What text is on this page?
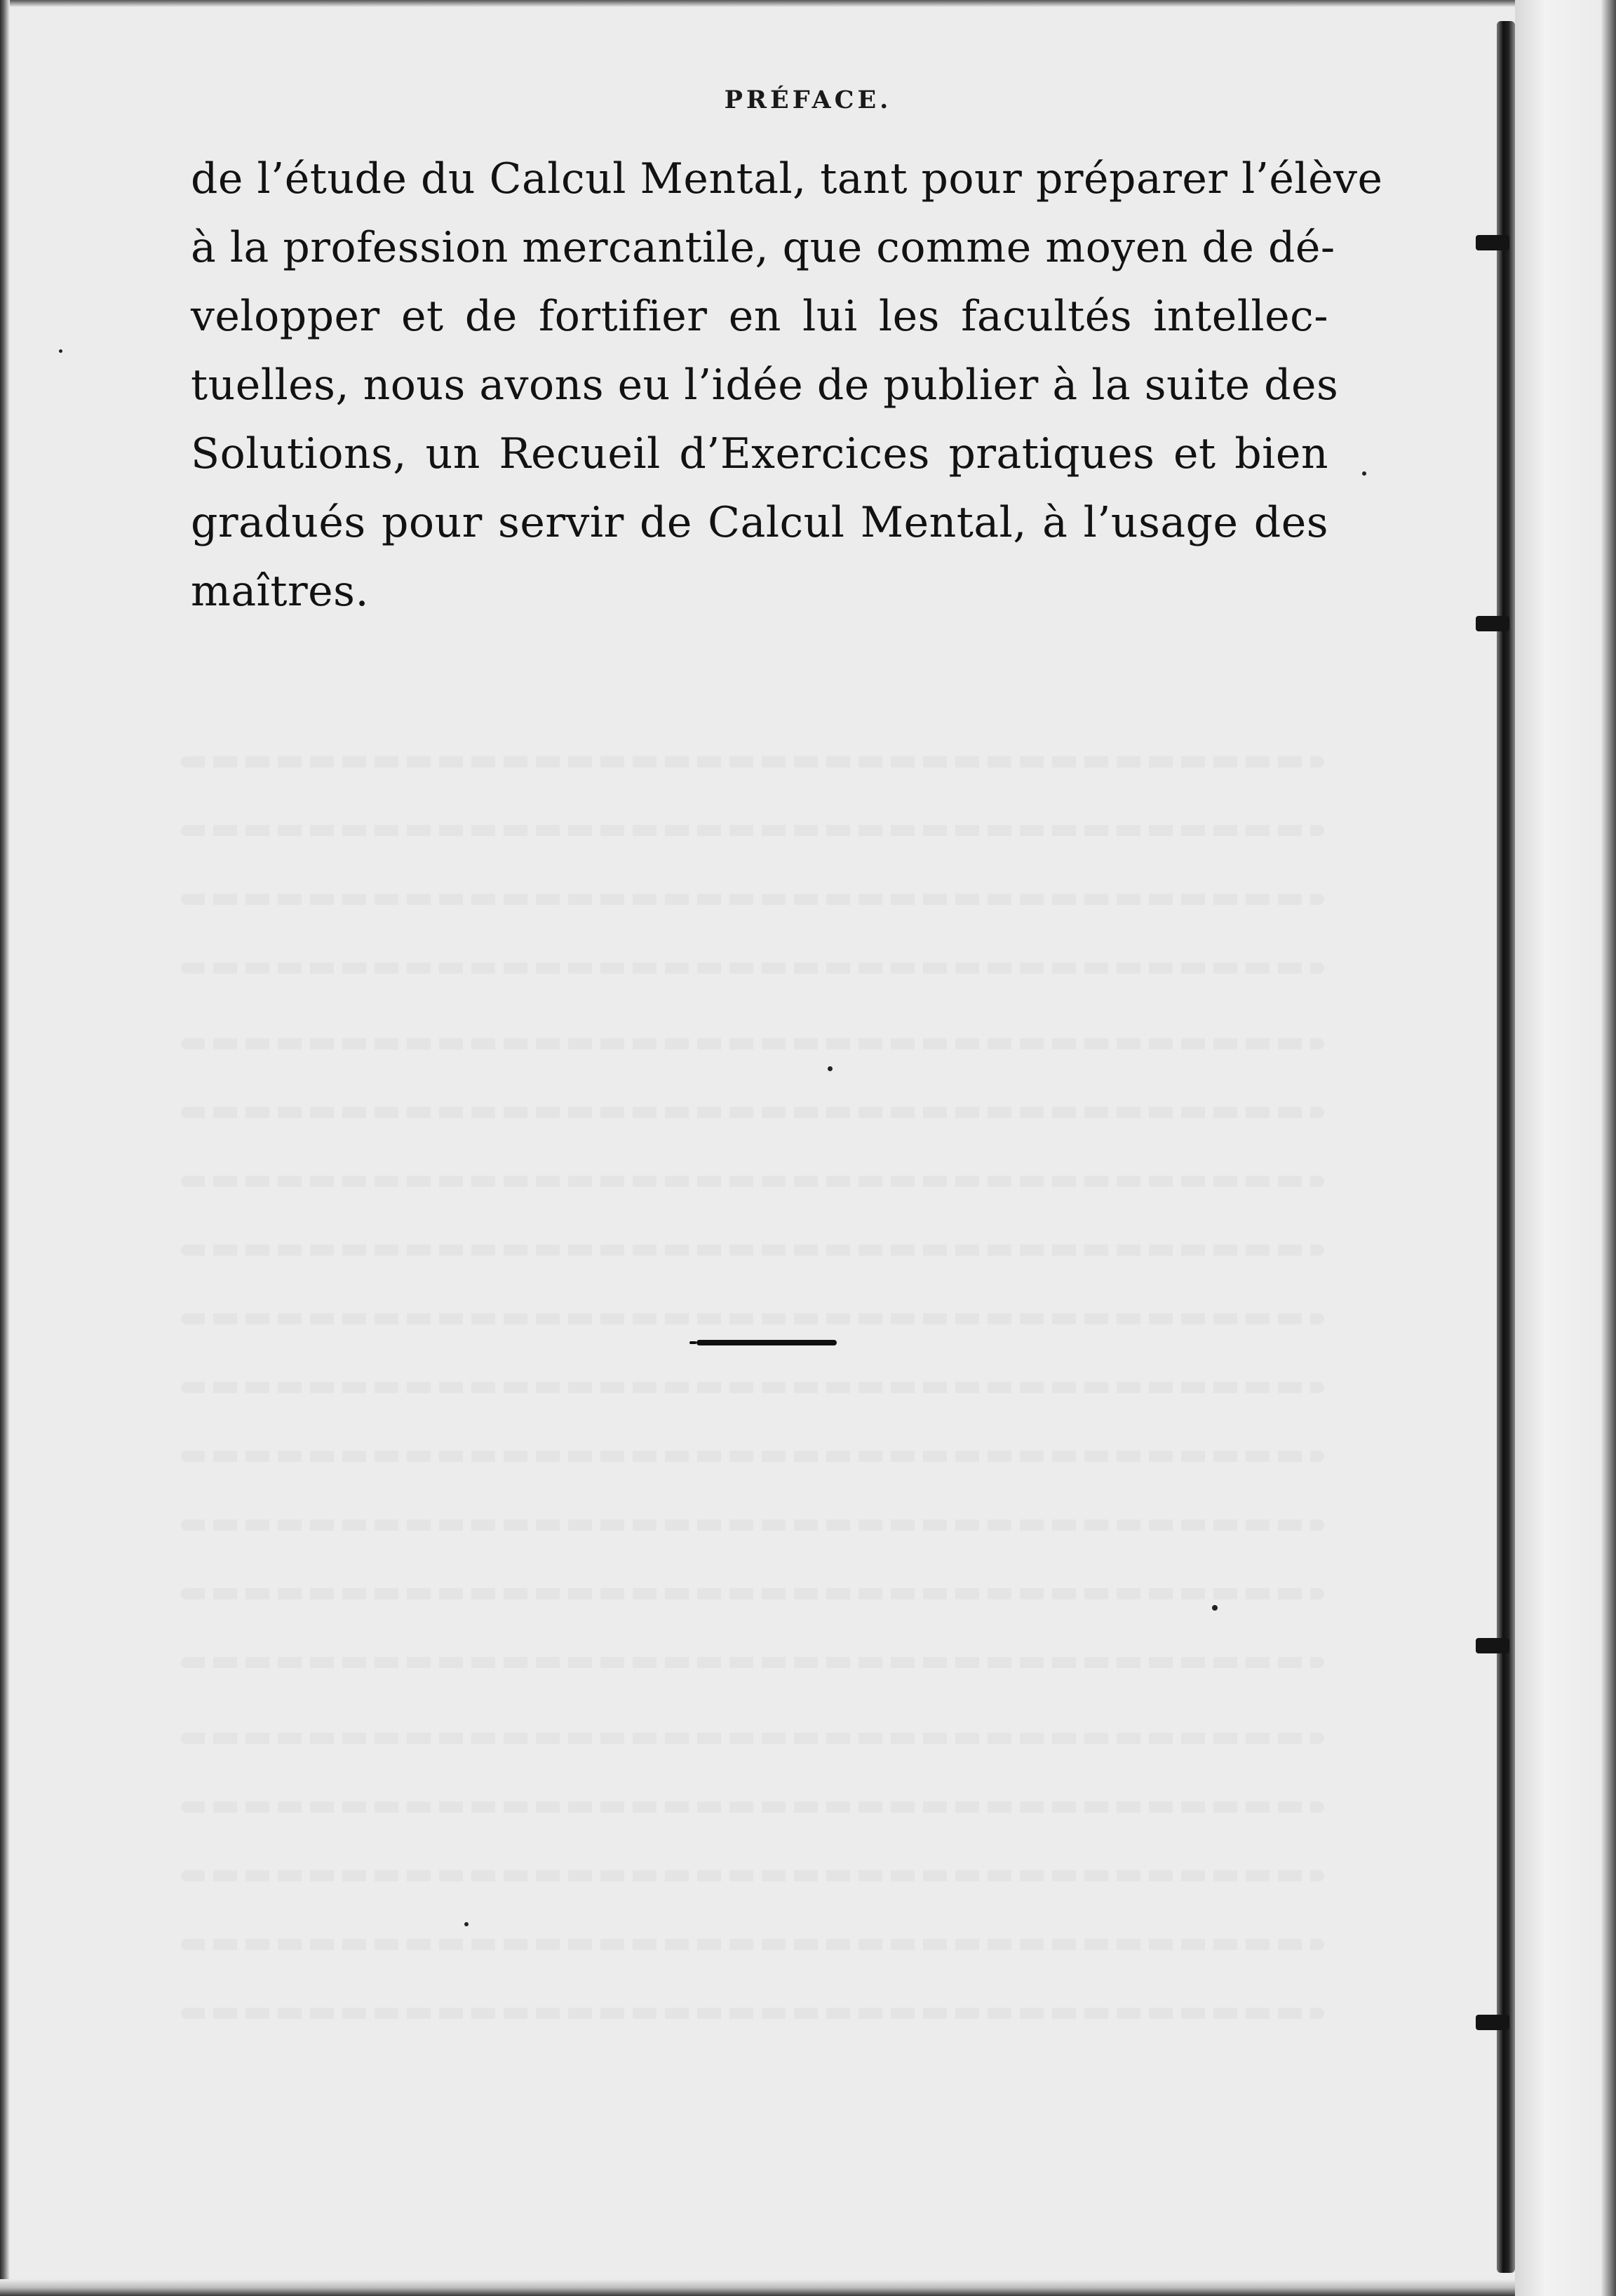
PRÉFACE.
de l’étude du Calcul Mental, tant pour préparer l’élève
à la profession mercantile, que comme moyen de dé-
velopper et de fortifier en lui les facultés intellec-
tuelles, nous avons eu l’idée de publier à la suite des
Solutions, un Recueil d’Exercices pratiques et bien
gradués pour servir de Calcul Mental, à l’usage des
maîtres.
